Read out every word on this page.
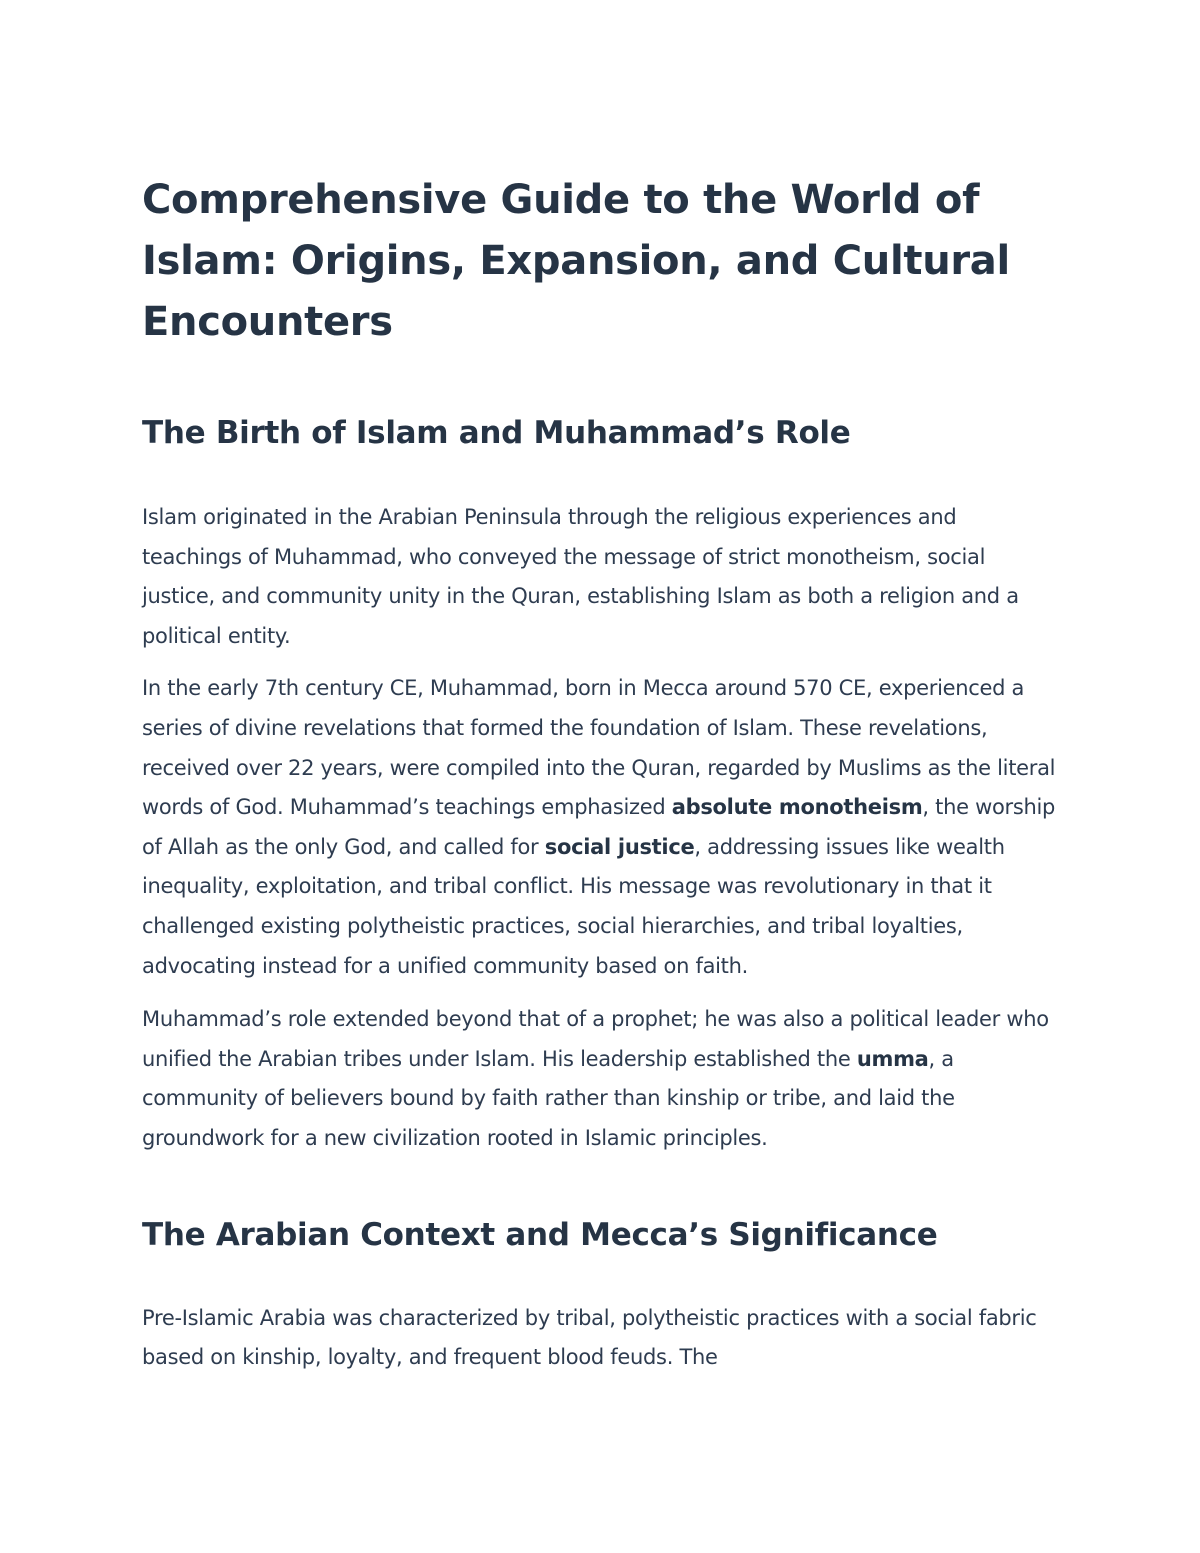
Comprehensive Guide to the World of Islam: Origins, Expansion, and Cultural Encounters
The Birth of Islam and Muhammad’s Role

Islam originated in the Arabian Peninsula through the religious experiences and teachings of Muhammad, who conveyed the message of strict monotheism, social justice, and community unity in the Quran, establishing Islam as both a religion and a political entity.

In the early 7th century CE, Muhammad, born in Mecca around 570 CE, experienced a series of divine revelations that formed the foundation of Islam. These revelations, received over 22 years, were compiled into the Quran, regarded by Muslims as the literal words of God. Muhammad’s teachings emphasized absolute monotheism, the worship of Allah as the only God, and called for social justice, addressing issues like wealth inequality, exploitation, and tribal conflict. His message was revolutionary in that it challenged existing polytheistic practices, social hierarchies, and tribal loyalties, advocating instead for a unified community based on faith.

Muhammad’s role extended beyond that of a prophet; he was also a political leader who unified the Arabian tribes under Islam. His leadership established the umma, a community of believers bound by faith rather than kinship or tribe, and laid the groundwork for a new civilization rooted in Islamic principles.

The Arabian Context and Mecca’s Significance

Pre-Islamic Arabia was characterized by tribal, polytheistic practices with a social fabric based on kinship, loyalty, and frequent blood feuds. The
